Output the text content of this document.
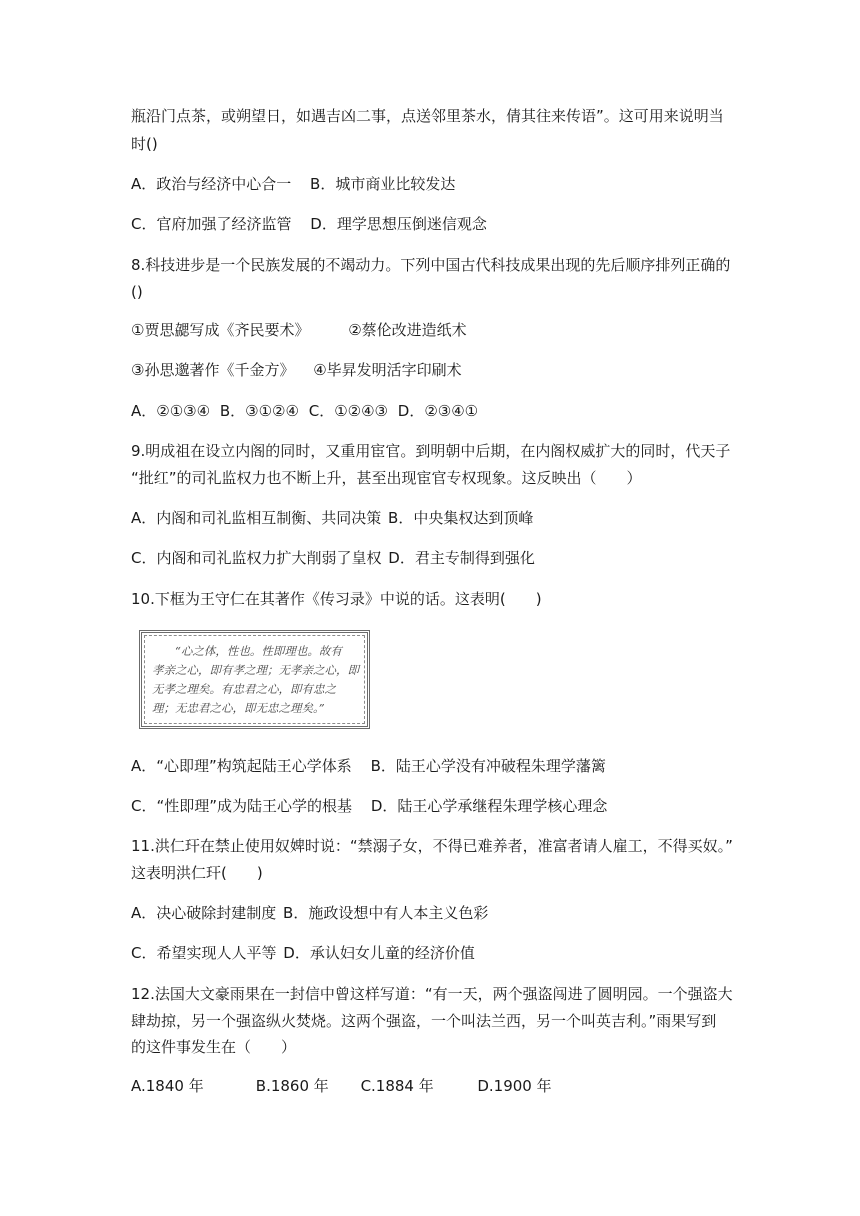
瓶沿门点茶，或朔望日，如遇吉凶二事，点送邻里茶水，倩其往来传语”。这可用来说明当
时()
A．政治与经济中心合一 B．城市商业比较发达
C．官府加强了经济监管 D．理学思想压倒迷信观念
8.科技进步是一个民族发展的不竭动力。下列中国古代科技成果出现的先后顺序排列正确的
()
①贾思勰写成《齐民要术》	②蔡伦改进造纸术
③孙思邈著作《千金方》 ④毕昇发明活字印刷术
A．②①③④ B．③①②④ C．①②④③ D．②③④①
9.明成祖在设立内阁的同时，又重用宦官。到明朝中后期，在内阁权威扩大的同时，代天子
“批红”的司礼监权力也不断上升，甚至出现宦官专权现象。这反映出（　　）
A．内阁和司礼监相互制衡、共同决策 B．中央集权达到顶峰
C．内阁和司礼监权力扩大削弱了皇权 D．君主专制得到强化
10.下框为王守仁在其著作《传习录》中说的话。这表明(　　)
　　“心之体，性也。性即理也。故有
孝亲之心，即有孝之理；无孝亲之心，即
无孝之理矣。有忠君之心，即有忠之
理；无忠君之心，即无忠之理矣。”
A．“心即理”构筑起陆王心学体系 B．陆王心学没有冲破程朱理学藩篱
C．“性即理”成为陆王心学的根基 D．陆王心学承继程朱理学核心理念
11.洪仁玕在禁止使用奴婢时说：“禁溺子女，不得已难养者，准富者请人雇工，不得买奴。”
这表明洪仁玕(　　)
A．决心破除封建制度 B．施政设想中有人本主义色彩
C．希望实现人人平等 D．承认妇女儿童的经济价值
12.法国大文豪雨果在一封信中曾这样写道：“有一天，两个强盗闯进了圆明园。一个强盗大
肆劫掠，另一个强盗纵火焚烧。这两个强盗，一个叫法兰西，另一个叫英吉利。”雨果写到
的这件事发生在（　　）
A.1840 年	B.1860 年 C.1884 年	D.1900 年
